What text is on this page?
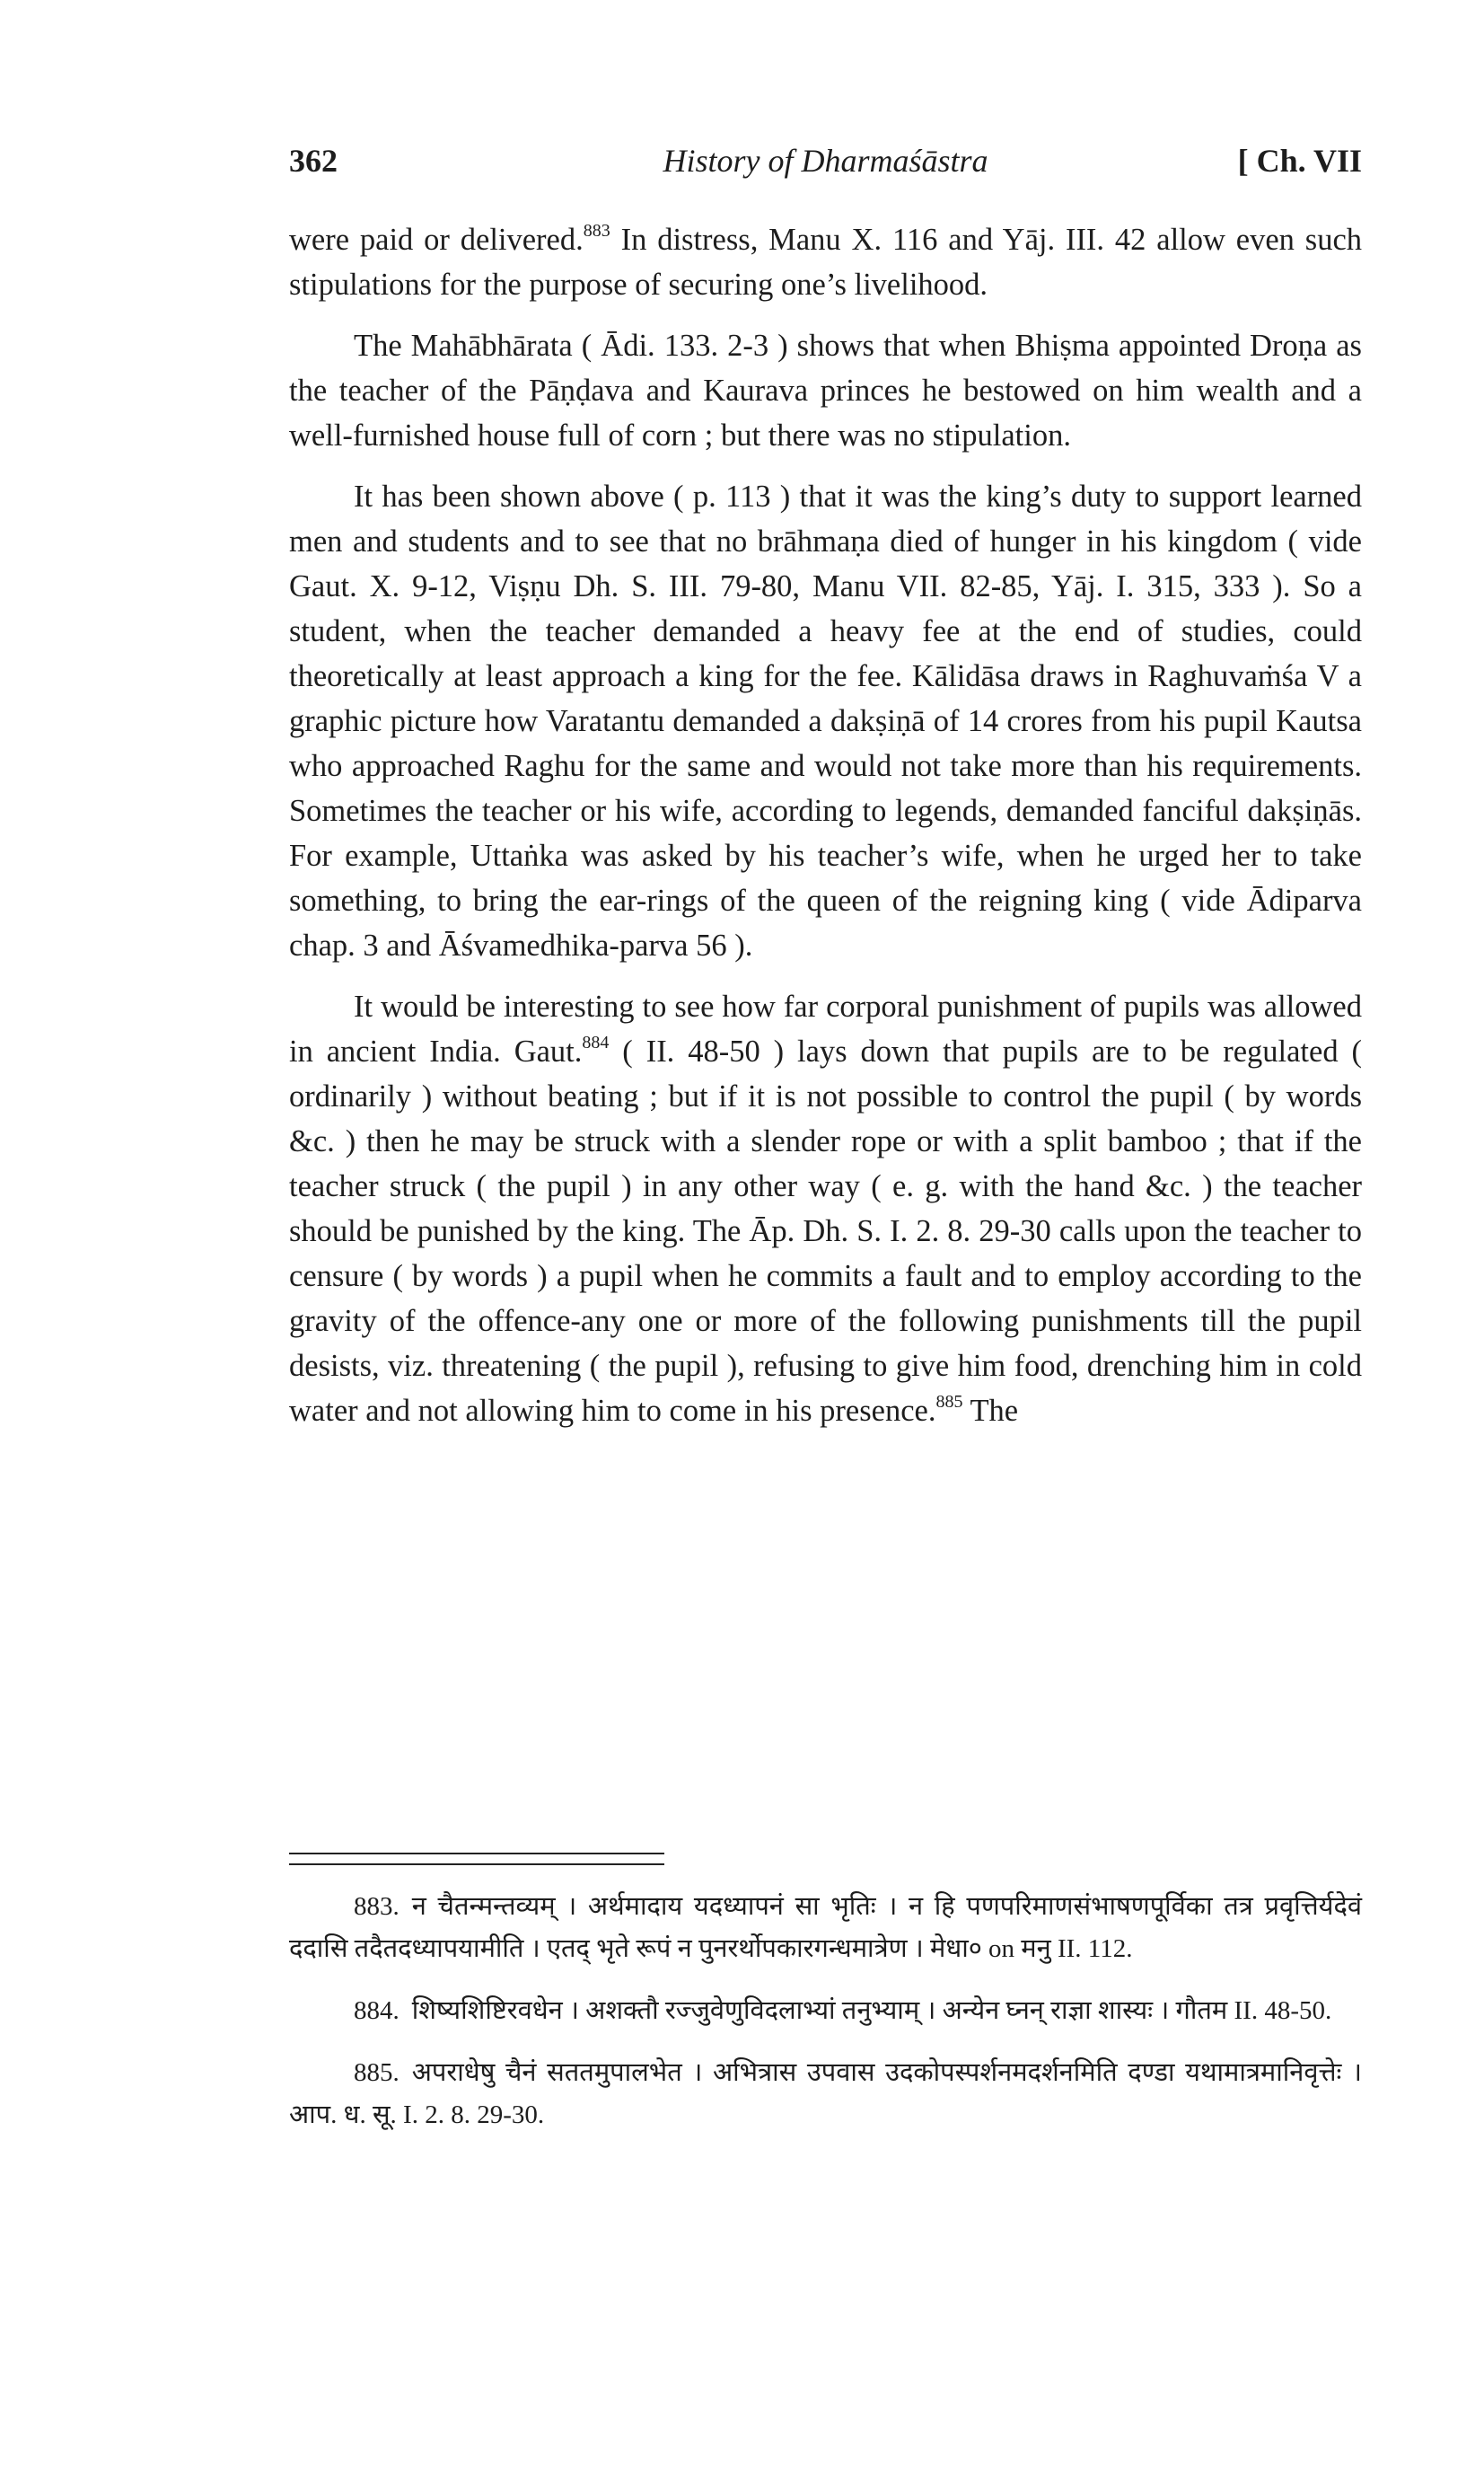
362	History of Dharmaśāstra	[ Ch. VII

were paid or delivered.$^{883}$ In distress, Manu X. 116 and Yāj. III. 42 allow even such stipulations for the purpose of securing one’s livelihood.

The Mahābhārata ( Ādi. 133. 2-3 ) shows that when Bhiṣma appointed Droṇa as the teacher of the Pāṇḍava and Kaurava princes he bestowed on him wealth and a well-furnished house full of corn ; but there was no stipulation.

It has been shown above ( p. 113 ) that it was the king’s duty to support learned men and students and to see that no brāhmaṇa died of hunger in his kingdom ( vide Gaut. X. 9-12, Viṣṇu Dh. S. III. 79-80, Manu VII. 82-85, Yāj. I. 315, 333 ). So a student, when the teacher demanded a heavy fee at the end of studies, could theoretically at least approach a king for the fee. Kālidāsa draws in Raghuvaṁśa V a graphic picture how Varatantu demanded a dakṣiṇā of 14 crores from his pupil Kautsa who approached Raghu for the same and would not take more than his requirements. Sometimes the teacher or his wife, according to legends, demanded fanciful dakṣiṇās. For example, Uttaṅka was asked by his teacher’s wife, when he urged her to take something, to bring the ear-rings of the queen of the reigning king ( vide Ādiparva chap. 3 and Āśvamedhika-parva 56 ).

It would be interesting to see how far corporal punishment of pupils was allowed in ancient India. Gaut.$^{884}$ ( II. 48-50 ) lays down that pupils are to be regulated ( ordinarily ) without beating ; but if it is not possible to control the pupil ( by words &c. ) then he may be struck with a slender rope or with a split bamboo ; that if the teacher struck ( the pupil ) in any other way ( e. g. with the hand &c. ) the teacher should be punished by the king. The Āp. Dh. S. I. 2. 8. 29-30 calls upon the teacher to censure ( by words ) a pupil when he commits a fault and to employ according to the gravity of the offence-any one or more of the following punishments till the pupil desists, viz. threatening ( the pupil ), refusing to give him food, drenching him in cold water and not allowing him to come in his presence.$^{885}$ The

883. न चैतन्मन्तव्यम् । अर्थमादाय यदध्यापनं सा भृतिः । न हि पणपरिमाणसंभाषणपूर्विका तत्र प्रवृत्तिर्यदेवं ददासि तदैतदध्यापयामीति । एतद् भृते रूपं न पुनरर्थोपकारगन्धमात्रेण । मेधा० on मनु II. 112.

884. शिष्यशिष्टिरवधेन । अशक्तौ रज्जुवेणुविदलाभ्यां तनुभ्याम् । अन्येन घ्नन् राज्ञा शास्यः । गौतम II. 48-50.

885. अपराधेषु चैनं सततमुपालभेत । अभित्रास उपवास उदकोपस्पर्शनमदर्शनमिति दण्डा यथामात्रमानिवृत्तेः । आप. ध. सू. I. 2. 8. 29-30.
